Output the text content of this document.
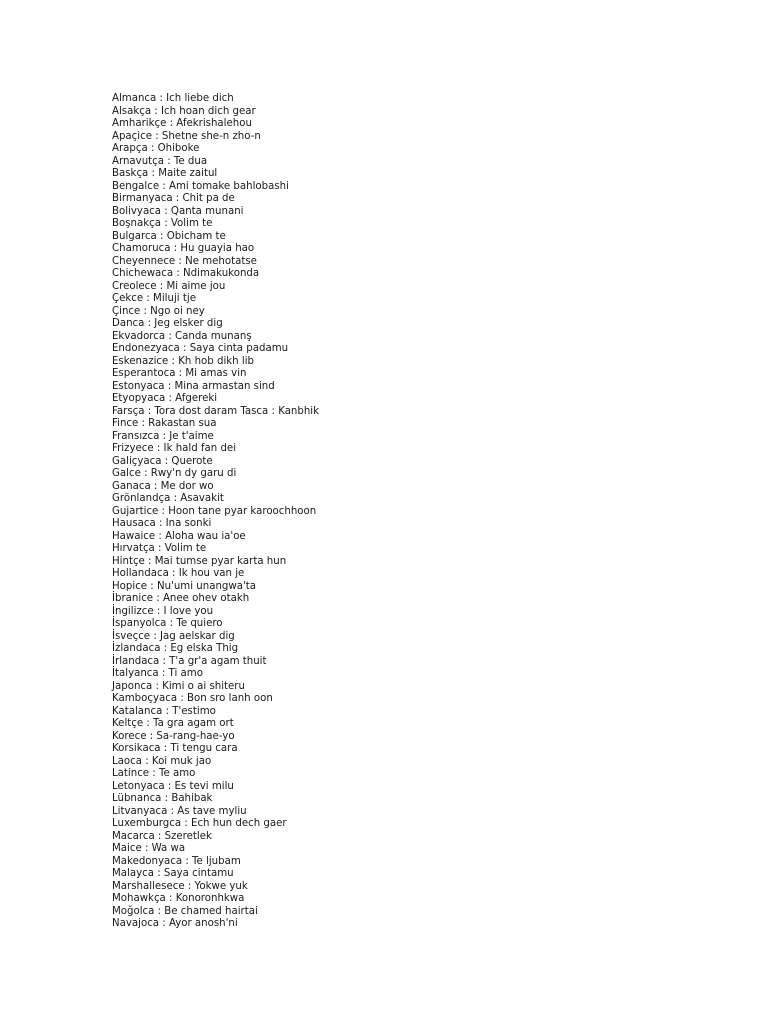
Almanca : Ich liebe dich
Alsakça : Ich hoan dich gear
Amharikçe : Afekrishalehou
Apaçice : Shetne she-n zho-n
Arapça : Ohiboke
Arnavutça : Te dua
Baskça : Maite zaitul
Bengalce : Ami tomake bahlobashi
Birmanyaca : Chit pa de
Bolivyaca : Qanta munani
Boşnakça : Volim te
Bulgarca : Obicham te
Chamoruca : Hu guayia hao
Cheyennece : Ne mehotatse
Chichewaca : Ndimakukonda
Creolece : Mi aime jou
Çekce : Miluji tje
Çince : Ngo oi ney
Danca : Jeg elsker dig
Ekvadorca : Canda munanş
Endonezyaca : Saya cinta padamu
Eskenazice : Kh hob dikh lib
Esperantoca : Mi amas vin
Estonyaca : Mina armastan sind
Etyopyaca : Afgereki
Farsça : Tora dost daram Tasca : Kanbhik
Fince : Rakastan sua
Fransızca : Je t'aime
Frizyece : Ik hald fan dei
Galiçyaca : Querote
Galce : Rwy'n dy garu di
Ganaca : Me dor wo
Grönlandça : Asavakit
Gujartice : Hoon tane pyar karoochhoon
Hausaca : Ina sonki
Hawaice : Aloha wau ia'oe
Hırvatça : Volim te
Hintçe : Mai tumse pyar karta hun
Hollandaca : Ik hou van je
Hopice : Nu'umi unangwa'ta
İbranice : Anee ohev otakh
İngilizce : I love you
İspanyolca : Te quiero
İsveçce : Jag aelskar dig
İzlandaca : Eg elska Thig
İrlandaca : T'a gr'a agam thuit
İtalyanca : Ti amo
Japonca : Kimi o ai shiteru
Kamboçyaca : Bon sro lanh oon
Katalanca : T'estimo
Keltçe : Ta gra agam ort
Korece : Sa-rang-hae-yo
Korsikaca : Ti tengu cara
Laoca : Koi muk jao
Latince : Te amo
Letonyaca : Es tevi milu
Lübnanca : Bahibak
Litvanyaca : As tave myliu
Luxemburgca : Ech hun dech gaer
Macarca : Szeretlek
Maice : Wa wa
Makedonyaca : Te ljubam
Malayca : Saya cintamu
Marshallesece : Yokwe yuk
Mohawkça : Konoronhkwa
Moğolca : Be chamed hairtai
Navajoca : Ayor anosh'ni
